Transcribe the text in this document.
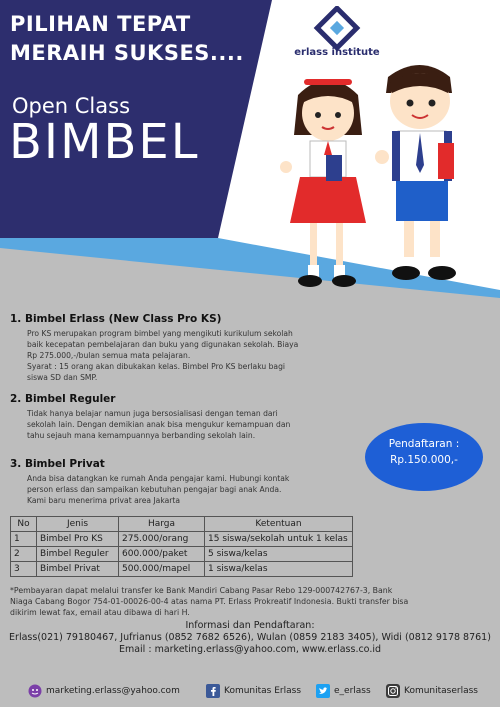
PILIHAN TEPAT
MERAIH SUKSES....
Open Class
BIMBEL
erlass institute
1. Bimbel Erlass (New Class Pro KS)

Pro KS merupakan program bimbel yang mengikuti kurikulum sekolah
baik kecepatan pembelajaran dan buku yang digunakan sekolah. Biaya
Rp 275.000,-/bulan semua mata pelajaran.
Syarat : 15 orang akan dibukakan kelas. Bimbel Pro KS berlaku bagi
siswa SD dan SMP.

2. Bimbel Reguler

Tidak hanya belajar namun juga bersosialisasi dengan teman dari
sekolah lain. Dengan demikian anak bisa mengukur kemampuan dan
tahu sejauh mana kemampuannya berbanding sekolah lain.

3. Bimbel Privat

Anda bisa datangkan ke rumah Anda pengajar kami. Hubungi kontak
person erlass dan sampaikan kebutuhan pengajar bagi anak Anda.
Kami baru menerima privat area Jakarta

Pendaftaran :
Rp.150.000,-
No	Jenis	Harga	Ketentuan
1	Bimbel Pro KS	275.000/orang	15 siswa/sekolah untuk 1 kelas
2	Bimbel Reguler	600.000/paket	5 siswa/kelas
3	Bimbel Privat	500.000/mapel	1 siswa/kelas
*Pembayaran dapat melalui transfer ke Bank Mandiri Cabang Pasar Rebo 129-000742767-3, Bank
Niaga Cabang Bogor 754-01-00026-00-4 atas nama PT. Erlass Prokreatif Indonesia. Bukti transfer bisa
dikirim lewat fax, email atau dibawa di hari H.
Informasi dan Pendaftaran:
Erlass(021) 79180467, Jufrianus (0852 7682 6526), Wulan (0859 2183 3405), Widi (0812 9178 8761)
Email : marketing.erlass@yahoo.com, www.erlass.co.id
marketing.erlass@yahoo.com	Komunitas Erlass	e_erlass	Komunitaserlass
